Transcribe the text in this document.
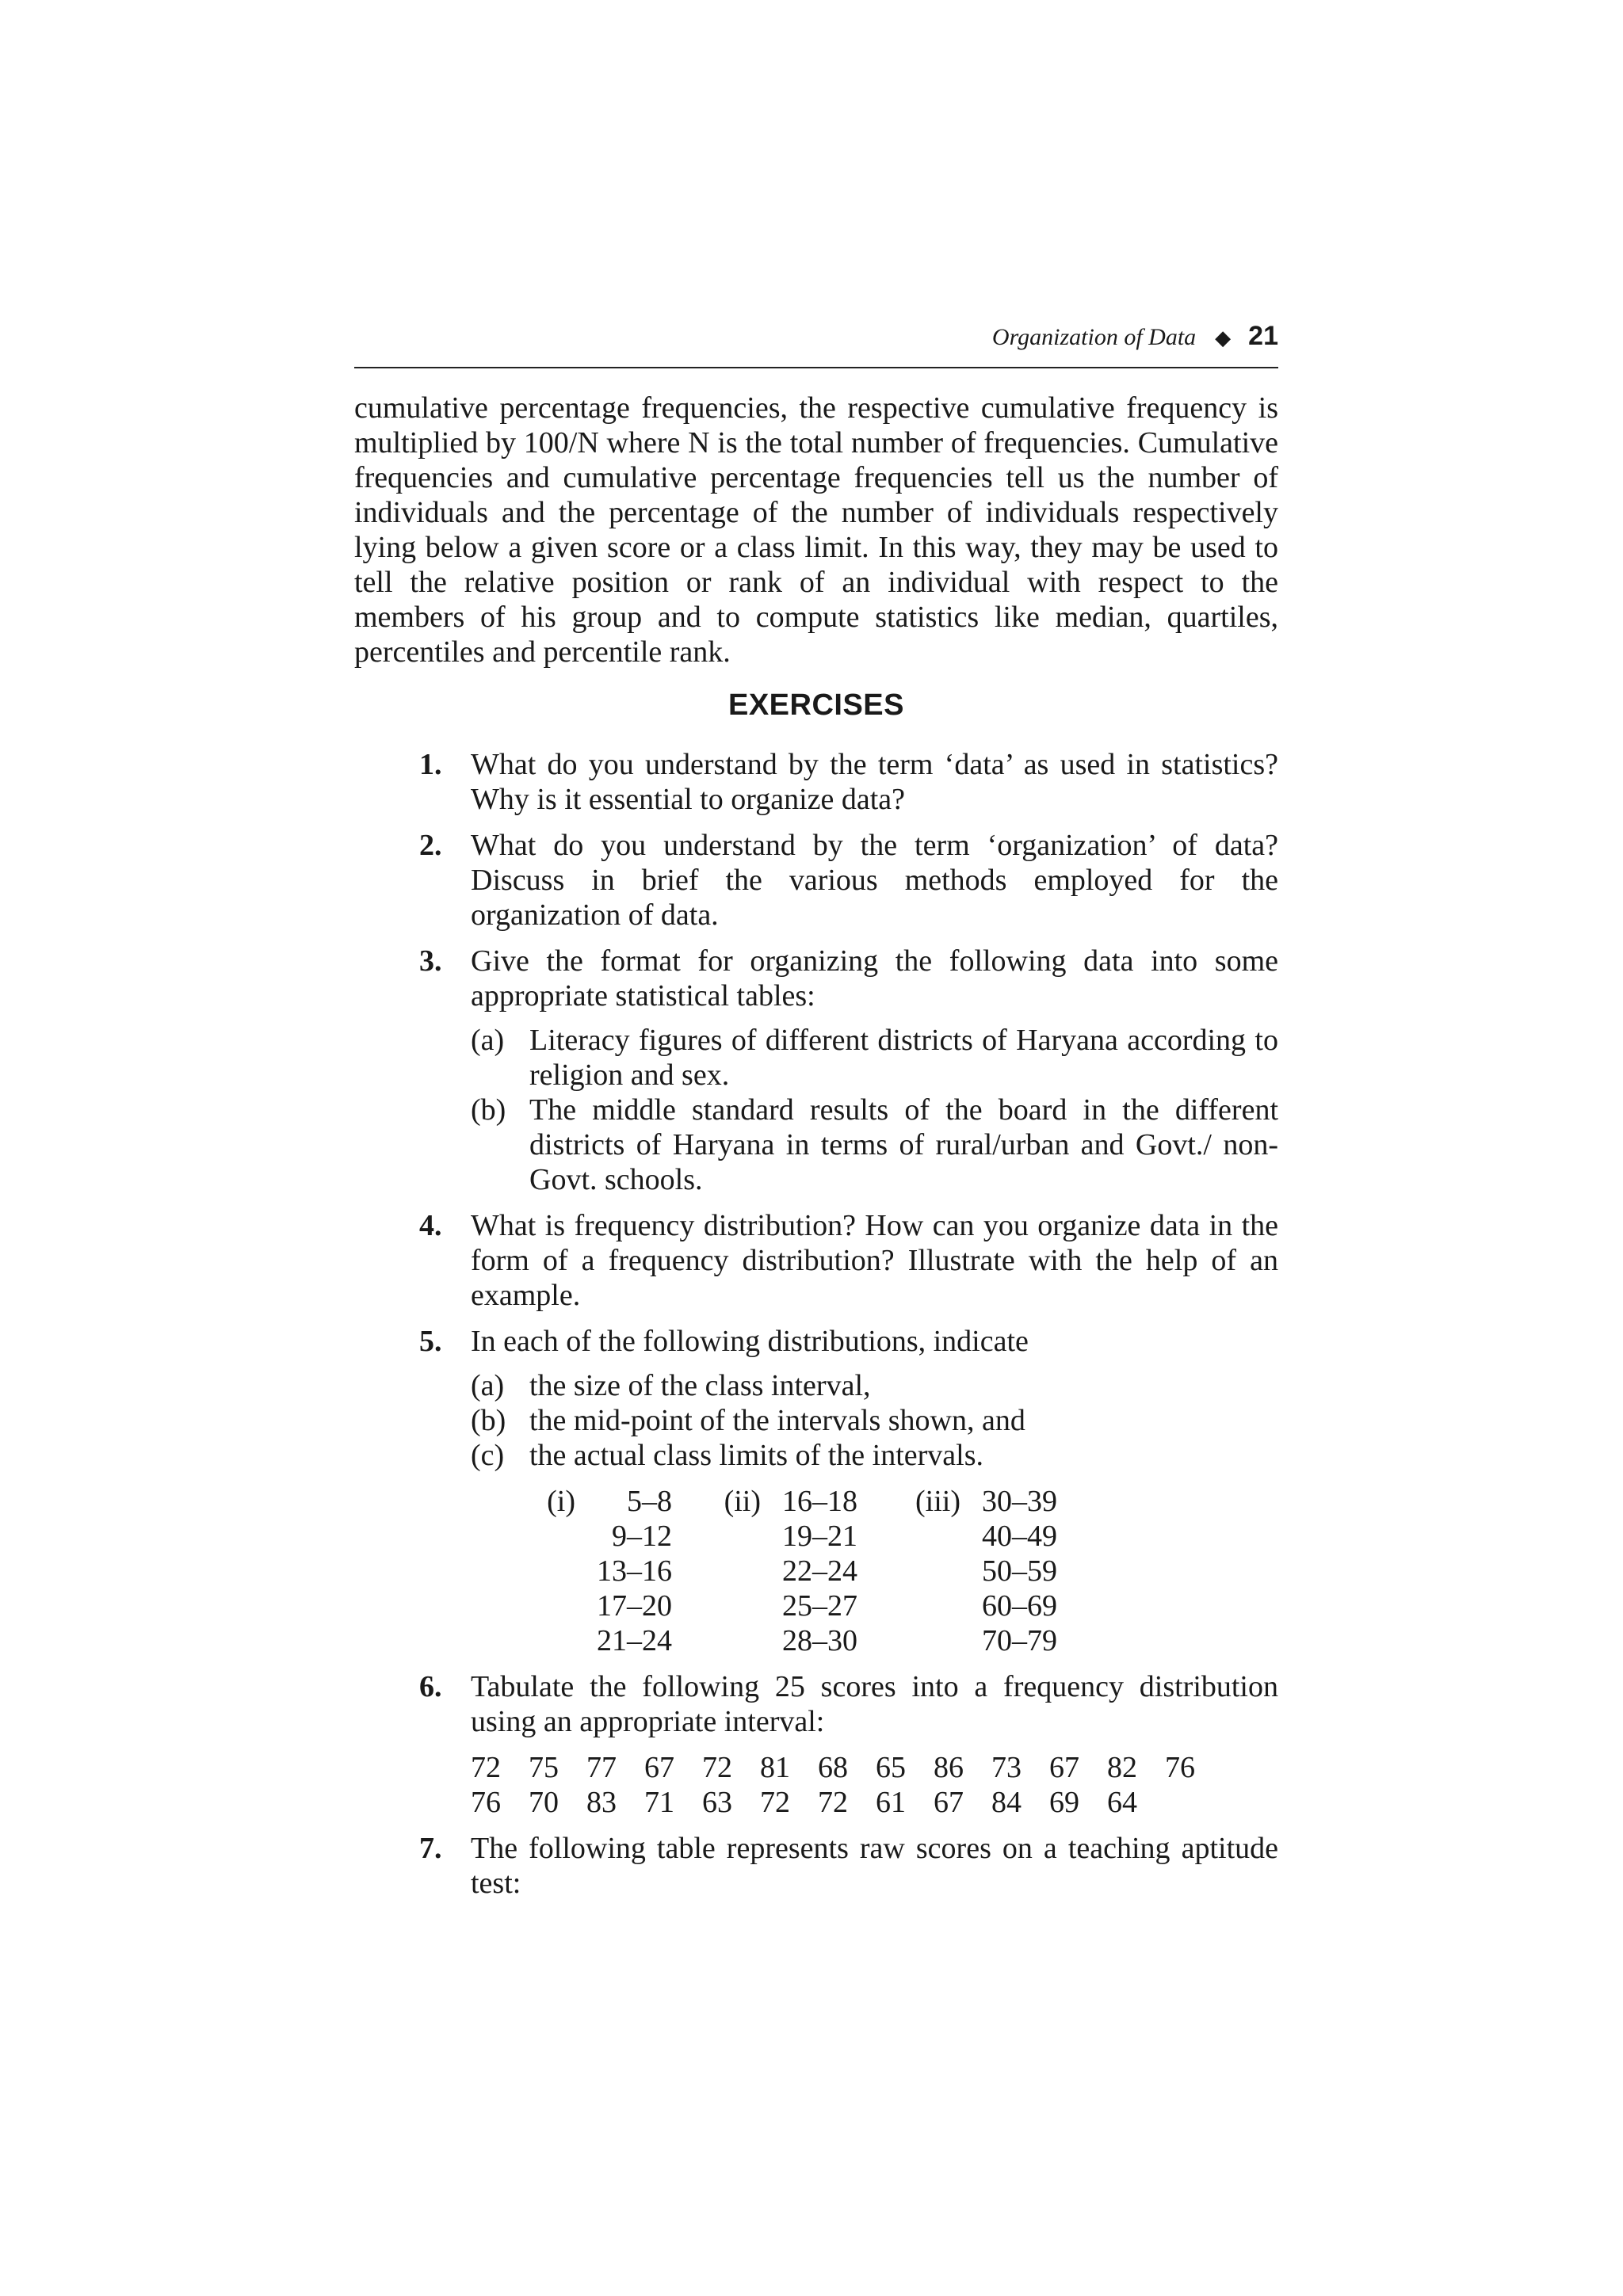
Organization of Data ◆ 21

cumulative percentage frequencies, the respective cumulative frequency is multiplied by 100/N where N is the total number of frequencies. Cumulative frequencies and cumulative percentage frequencies tell us the number of individuals and the percentage of the number of individuals respectively lying below a given score or a class limit. In this way, they may be used to tell the relative position or rank of an individual with respect to the members of his group and to compute statistics like median, quartiles, percentiles and percentile rank.

EXERCISES
1. What do you understand by the term ‘data’ as used in statistics? Why is it essential to organize data?
2. What do you understand by the term ‘organization’ of data? Discuss in brief the various methods employed for the organization of data.
3. Give the format for organizing the following data into some appropriate statistical tables:
(a) Literacy figures of different districts of Haryana according to religion and sex.
(b) The middle standard results of the board in the different districts of Haryana in terms of rural/urban and Govt./ non-Govt. schools.
4. What is frequency distribution? How can you organize data in the form of a frequency distribution? Illustrate with the help of an example.
5. In each of the following distributions, indicate
(a) the size of the class interval,
(b) the mid-point of the intervals shown, and
(c) the actual class limits of the intervals.
(i)	5–8
9–12
13–16
17–20
21–24
(ii) 16–18
19–21
22–24
25–27
28–30
(iii) 30–39
40–49
50–59
60–69
70–79
6. Tabulate the following 25 scores into a frequency distribution using an appropriate interval:
72 75 77 67 72 81 68 65 86 73 67 82 76
76 70 83 71 63 72 72 61 67 84 69 64
7. The following table represents raw scores on a teaching aptitude test:
